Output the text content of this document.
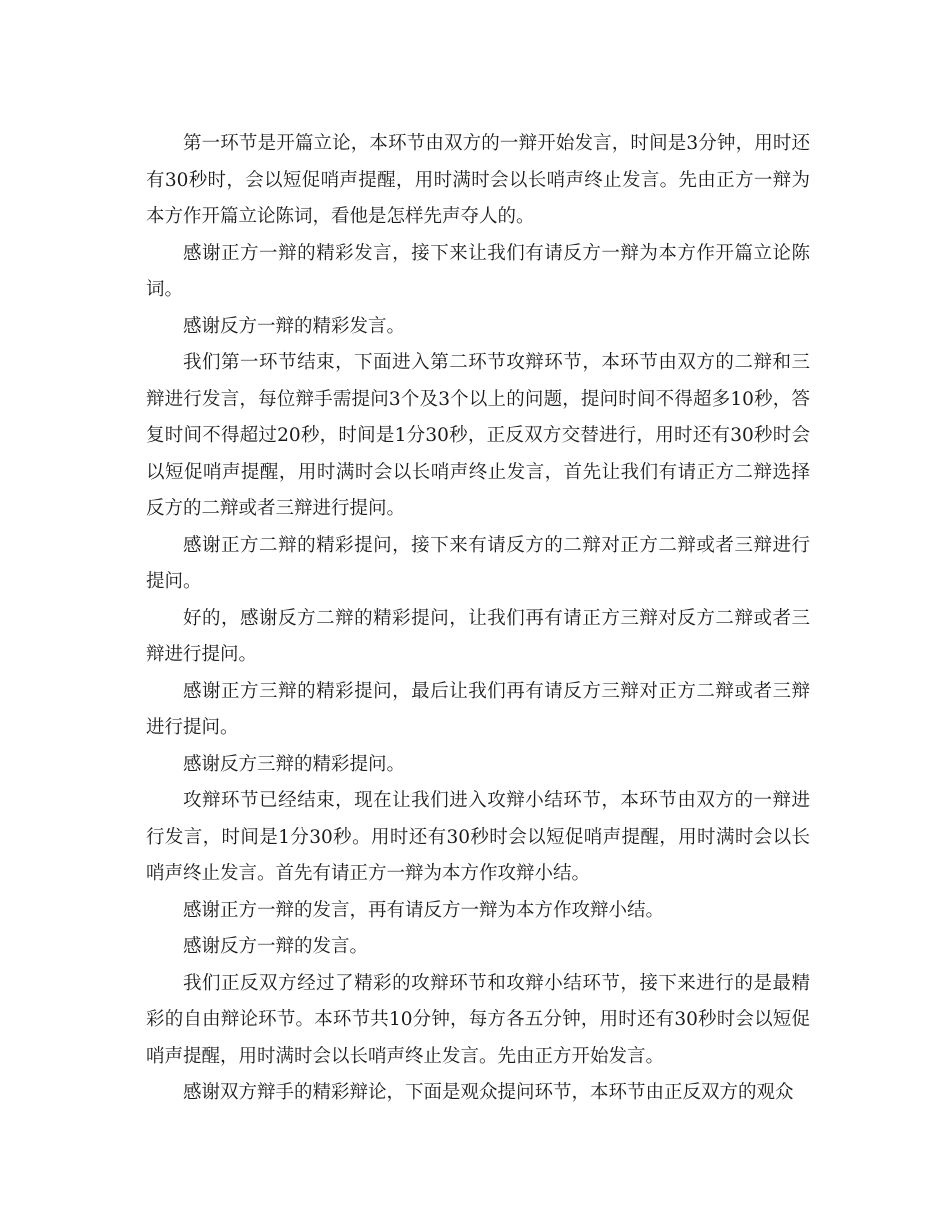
第一环节是开篇立论，本环节由双方的一辩开始发言，时间是3分钟，用时还有30秒时，会以短促哨声提醒，用时满时会以长哨声终止发言。先由正方一辩为本方作开篇立论陈词，看他是怎样先声夺人的。

感谢正方一辩的精彩发言，接下来让我们有请反方一辩为本方作开篇立论陈词。

感谢反方一辩的精彩发言。

我们第一环节结束，下面进入第二环节攻辩环节，本环节由双方的二辩和三辩进行发言，每位辩手需提问3个及3个以上的问题，提问时间不得超多10秒，答复时间不得超过20秒，时间是1分30秒，正反双方交替进行，用时还有30秒时会以短促哨声提醒，用时满时会以长哨声终止发言，首先让我们有请正方二辩选择反方的二辩或者三辩进行提问。

感谢正方二辩的精彩提问，接下来有请反方的二辩对正方二辩或者三辩进行提问。

好的，感谢反方二辩的精彩提问，让我们再有请正方三辩对反方二辩或者三辩进行提问。

感谢正方三辩的精彩提问，最后让我们再有请反方三辩对正方二辩或者三辩进行提问。

感谢反方三辩的精彩提问。

攻辩环节已经结束，现在让我们进入攻辩小结环节，本环节由双方的一辩进行发言，时间是1分30秒。用时还有30秒时会以短促哨声提醒，用时满时会以长哨声终止发言。首先有请正方一辩为本方作攻辩小结。

感谢正方一辩的发言，再有请反方一辩为本方作攻辩小结。

感谢反方一辩的发言。

我们正反双方经过了精彩的攻辩环节和攻辩小结环节，接下来进行的是最精彩的自由辩论环节。本环节共10分钟，每方各五分钟，用时还有30秒时会以短促哨声提醒，用时满时会以长哨声终止发言。先由正方开始发言。

感谢双方辩手的精彩辩论，下面是观众提问环节，本环节由正反双方的观众
